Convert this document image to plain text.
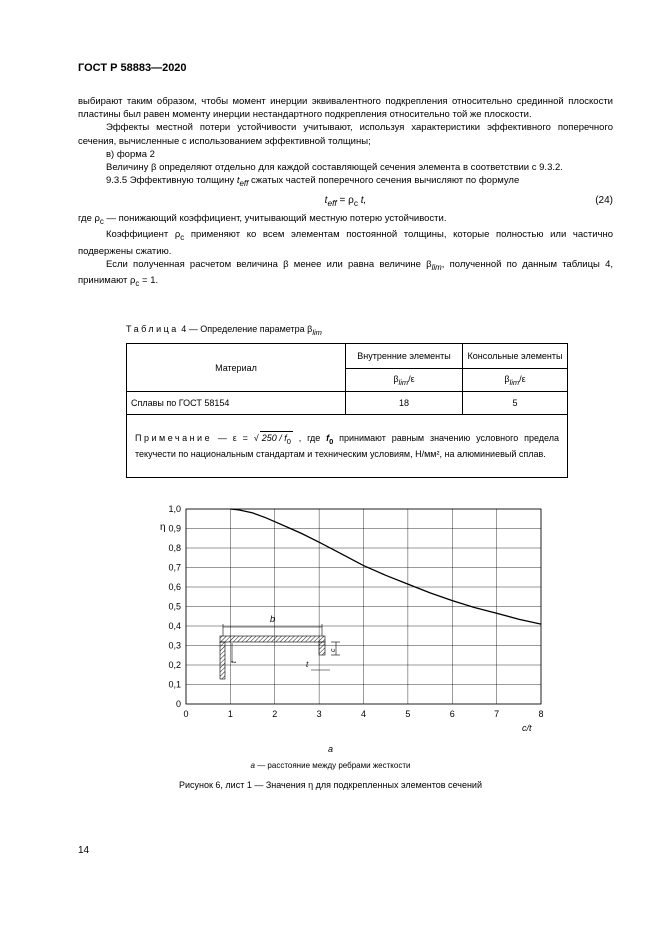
ГОСТ Р 58883—2020

выбирают таким образом, чтобы момент инерции эквивалентного подкрепления относительно срединной плоскости пластины был равен моменту инерции нестандартного подкрепления относительно той же плоскости.

Эффекты местной потери устойчивости учитывают, используя характеристики эффективного поперечного сечения, вычисленные с использованием эффективной толщины;

в) форма 2

Величину β определяют отдельно для каждой составляющей сечения элемента в соответствии с 9.3.2.

9.3.5 Эффективную толщину $t_{eff}$ сжатых частей поперечного сечения вычисляют по формуле

$t_{eff} = \rho_c$ t,	(24)

где $\rho_c$ — понижающий коэффициент, учитывающий местную потерю устойчивости.

Коэффициент $\rho_c$ применяют ко всем элементам постоянной толщины, которые полностью или частично подвержены сжатию.

Если полученная расчетом величина β менее или равна величине $\beta_{lim}$, полученной по данным таблицы 4, принимают $\rho_c = 1$.

Таблица 4 — Определение параметра $\beta_{lim}$
Материал	Внутренние элементы	Консольные элементы
	$\beta_{lim}/\varepsilon$	$\beta_{lim}/\varepsilon$
Сплавы по ГОСТ 58154	18	5
Примечание — ε = √ $250 / f_0$ , где $f_0$ принимают равным значению условного предела текучести по национальным стандартам и техническим условиям, Н/мм², на алюминиевый сплав.		
0	1	2	3	4	5	6	7	8
0
0,1
0,2
0,3
0,4
0,5
0,6
0,7
0,8
0,9
1,0
η
c/t
b
t	t
c
а
а — расстояние между ребрами жесткости
Рисунок 6, лист 1 — Значения η для подкрепленных элементов сечений
14
